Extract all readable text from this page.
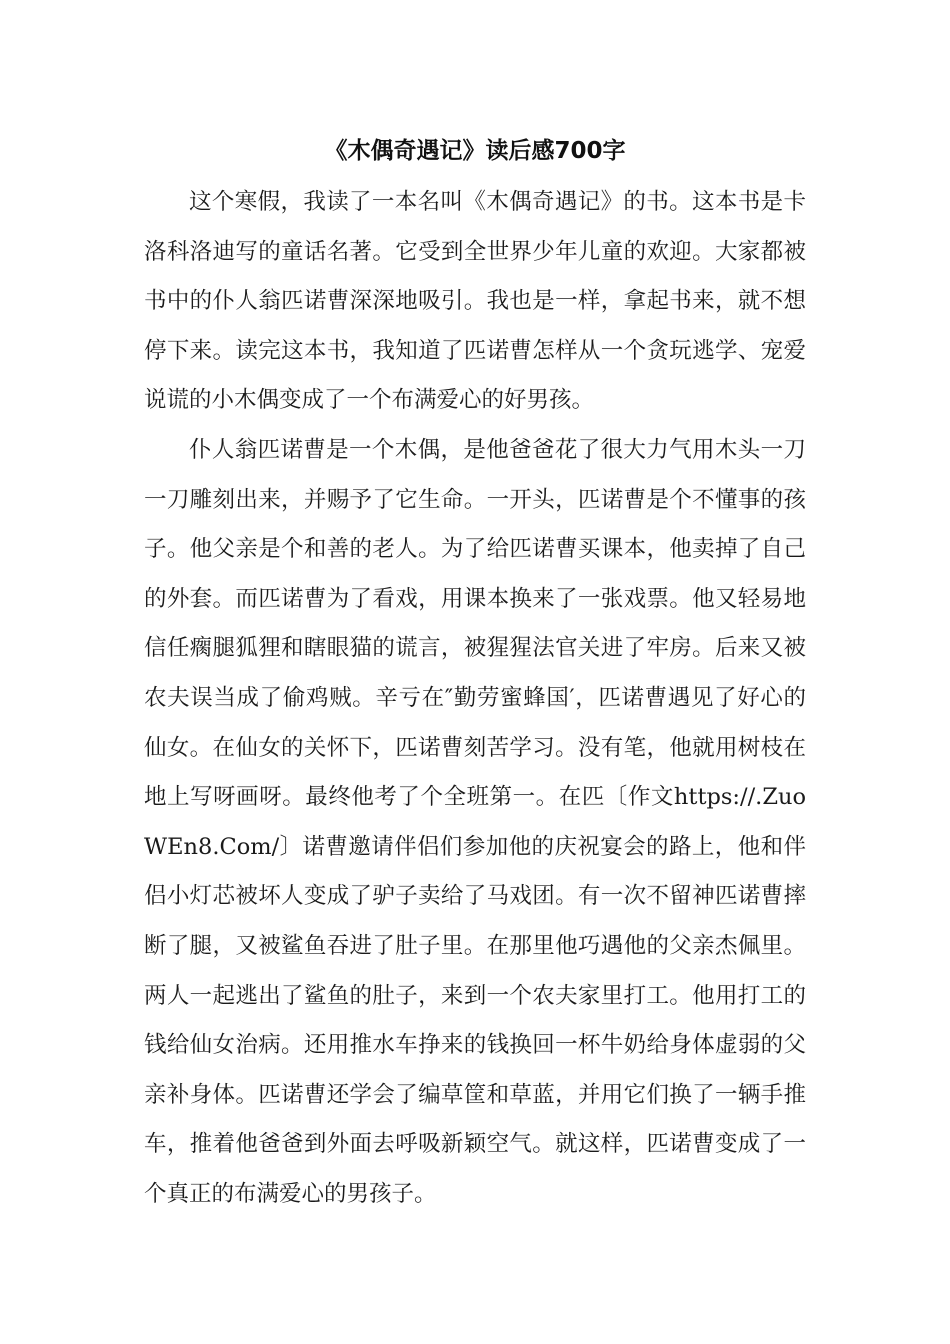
《木偶奇遇记》读后感700字

这个寒假，我读了一本名叫《木偶奇遇记》的书。这本书是卡洛科洛迪写的童话名著。它受到全世界少年儿童的欢迎。大家都被书中的仆人翁匹诺曹深深地吸引。我也是一样，拿起书来，就不想停下来。读完这本书，我知道了匹诺曹怎样从一个贪玩逃学、宠爱说谎的小木偶变成了一个布满爱心的好男孩。

仆人翁匹诺曹是一个木偶，是他爸爸花了很大力气用木头一刀一刀雕刻出来，并赐予了它生命。一开头，匹诺曹是个不懂事的孩子。他父亲是个和善的老人。为了给匹诺曹买课本，他卖掉了自己的外套。而匹诺曹为了看戏，用课本换来了一张戏票。他又轻易地信任瘸腿狐狸和瞎眼猫的谎言，被猩猩法官关进了牢房。后来又被农夫误当成了偷鸡贼。辛亏在″勤劳蜜蜂国′，匹诺曹遇见了好心的仙女。在仙女的关怀下，匹诺曹刻苦学习。没有笔，他就用树枝在地上写呀画呀。最终他考了个全班第一。在匹〔作文https://.ZuoWEn8.Com/〕诺曹邀请伴侣们参加他的庆祝宴会的路上，他和伴侣小灯芯被坏人变成了驴子卖给了马戏团。有一次不留神匹诺曹摔断了腿，又被鲨鱼吞进了肚子里。在那里他巧遇他的父亲杰佩里。两人一起逃出了鲨鱼的肚子，来到一个农夫家里打工。他用打工的钱给仙女治病。还用推水车挣来的钱换回一杯牛奶给身体虚弱的父亲补身体。匹诺曹还学会了编草筐和草蓝，并用它们换了一辆手推车，推着他爸爸到外面去呼吸新颖空气。就这样，匹诺曹变成了一个真正的布满爱心的男孩子。
